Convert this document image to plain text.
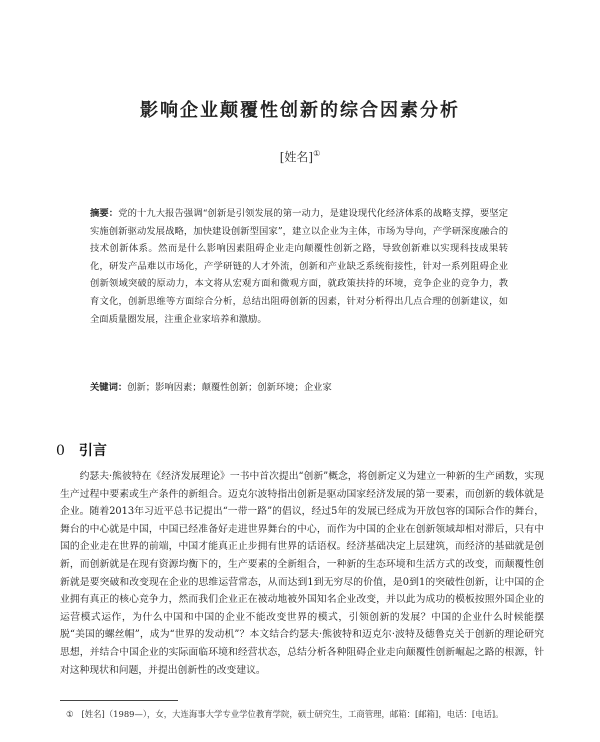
影响企业颠覆性创新的综合因素分析
[姓名]①
摘要：党的十九大报告强调“创新是引领发展的第一动力，是建设现代化经济体系的战略支撑，要坚定实施创新驱动发展战略，加快建设创新型国家”，建立以企业为主体，市场为导向，产学研深度融合的技术创新体系。然而是什么影响因素阻碍企业走向颠覆性创新之路，导致创新难以实现科技成果转化，研发产品难以市场化，产学研链的人才外流，创新和产业缺乏系统衔接性，针对一系列阻碍企业创新领域突破的原动力，本文将从宏观方面和微观方面，就政策扶持的环境，竞争企业的竞争力，教育文化，创新思维等方面综合分析，总结出阻碍创新的因素，针对分析得出几点合理的创新建议，如全面质量圈发展，注重企业家培养和激励。
关键词：创新；影响因素；颠覆性创新；创新环境；企业家
0 引言
约瑟夫·熊彼特在《经济发展理论》一书中首次提出“创新”概念，将创新定义为建立一种新的生产函数，实现生产过程中要素或生产条件的新组合。迈克尔波特指出创新是驱动国家经济发展的第一要素，而创新的载体就是企业。随着2013年习近平总书记提出“一带一路”的倡议，经过5年的发展已经成为开放包容的国际合作的舞台，舞台的中心就是中国，中国已经准备好走进世界舞台的中心，而作为中国的企业在创新领域却相对滞后，只有中国的企业走在世界的前端，中国才能真正止步拥有世界的话语权。经济基础决定上层建筑，而经济的基础就是创新，而创新就是在现有资源均衡下的，生产要素的全新组合，一种新的生态环境和生活方式的改变，而颠覆性创新就是要突破和改变现在企业的思维运营常态，从而达到1到无穷尽的价值，是0到1的突破性创新，让中国的企业拥有真正的核心竞争力，然而我们企业正在被动地被外国知名企业改变，并以此为成功的模板按照外国企业的运营模式运作，为什么中国和中国的企业不能改变世界的模式，引领创新的发展？中国的企业什么时候能摆脱“美国的螺丝帽”，成为“世界的发动机”？本文结合约瑟夫·熊彼特和迈克尔·波特及德鲁克关于创新的理论研究思想，并结合中国企业的实际面临环境和经营状态，总结分析各种阻碍企业走向颠覆性创新崛起之路的根源，针对这种现状和问题，并提出创新性的改变建议。
① [姓名]（1989—），女，大连海事大学专业学位教育学院，硕士研究生，工商管理，邮箱：[邮箱]，电话：[电话]。
